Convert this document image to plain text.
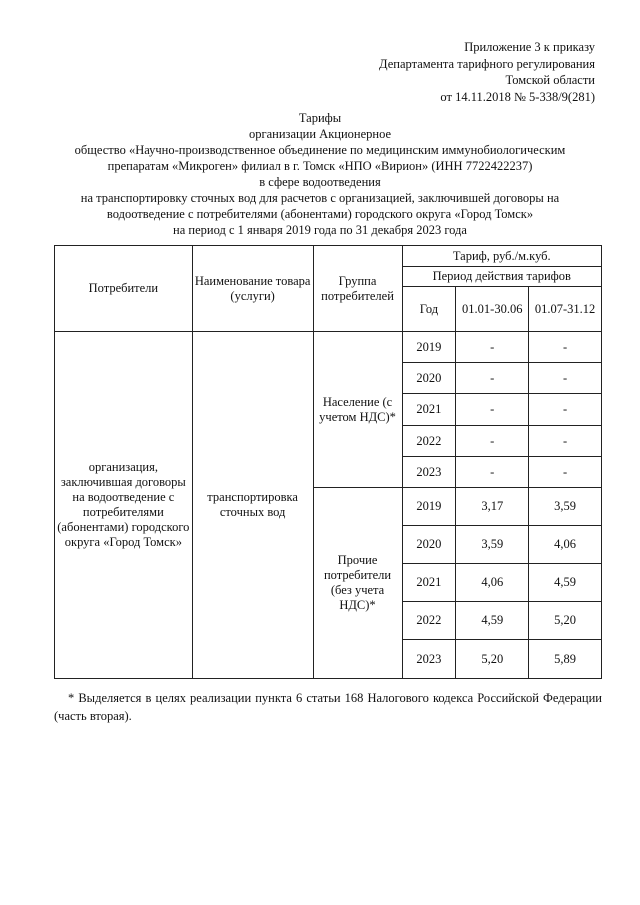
Приложение 3 к приказу
Департамента тарифного регулирования
Томской области
от 14.11.2018 № 5-338/9(281)
Тарифы
организации Акционерное
общество «Научно-производственное объединение по медицинским иммунобиологическим
препаратам «Микроген» филиал в г. Томск «НПО «Вирион» (ИНН 7722422237)
в сфере водоотведения
на транспортировку сточных вод для расчетов с организацией, заключившей договоры на
водоотведение с потребителями (абонентами) городского округа «Город Томск»
на период с 1 января 2019 года по 31 декабря 2023 года
Потребители	Наименование товара (услуги)	Группа потребителей	Тариф, руб./м.куб.		
			Период действия тарифов		
			Год	01.01-30.06	01.07-31.12
организация, заключившая договоры на водоотведение с потребителями (абонентами) городского округа «Город Томск»	транспортировка сточных вод	Население (с учетом НДС)*	2019	-	-
			2020	-	-
			2021	-	-
			2022	-	-
			2023	-	-
		Прочие потребители (без учета НДС)*	2019	3,17	3,59
			2020	3,59	4,06
			2021	4,06	4,59
			2022	4,59	5,20
			2023	5,20	5,89
* Выделяется в целях реализации пункта 6 статьи 168 Налогового кодекса Российской Федерации (часть вторая).
